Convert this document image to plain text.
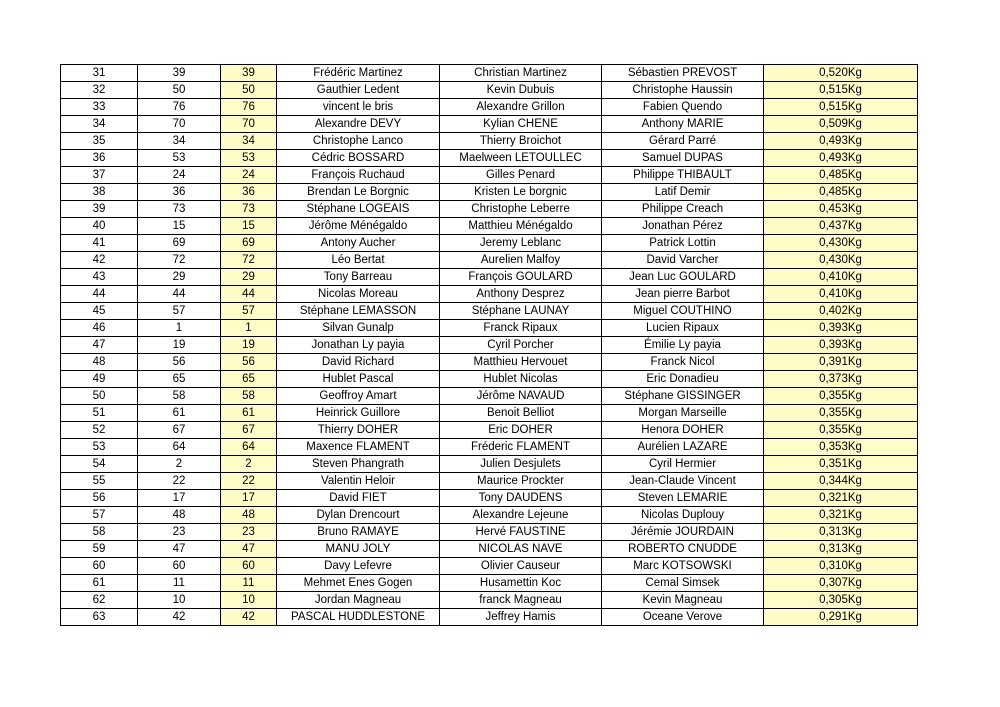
31	39	39	Frédéric Martinez	Christian Martinez	Sébastien PREVOST	0,520Kg
32	50	50	Gauthier Ledent	Kevin Dubuis	Christophe Haussin	0,515Kg
33	76	76	vincent le bris	Alexandre Grillon	Fabien Quendo	0,515Kg
34	70	70	Alexandre DEVY	Kylian CHENE	Anthony MARIE	0,509Kg
35	34	34	Christophe Lanco	Thierry Broichot	Gérard Parré	0,493Kg
36	53	53	Cédric BOSSARD	Maelween LETOULLEC	Samuel DUPAS	0,493Kg
37	24	24	François Ruchaud	Gilles Penard	Philippe THIBAULT	0,485Kg
38	36	36	Brendan Le Borgnic	Kristen Le borgnic	Latif Demir	0,485Kg
39	73	73	Stéphane LOGEAIS	Christophe Leberre	Philippe Creach	0,453Kg
40	15	15	Jérôme Ménégaldo	Matthieu Ménégaldo	Jonathan Pérez	0,437Kg
41	69	69	Antony Aucher	Jeremy Leblanc	Patrick Lottin	0,430Kg
42	72	72	Léo Bertat	Aurelien Malfoy	David Varcher	0,430Kg
43	29	29	Tony Barreau	François GOULARD	Jean Luc GOULARD	0,410Kg
44	44	44	Nicolas Moreau	Anthony Desprez	Jean pierre Barbot	0,410Kg
45	57	57	Stéphane LEMASSON	Stéphane LAUNAY	Miguel COUTHINO	0,402Kg
46	1	1	Silvan Gunalp	Franck Ripaux	Lucien Ripaux	0,393Kg
47	19	19	Jonathan Ly payia	Cyril Porcher	Émilie Ly payia	0,393Kg
48	56	56	David Richard	Matthieu Hervouet	Franck Nicol	0,391Kg
49	65	65	Hublet Pascal	Hublet Nicolas	Eric Donadieu	0,373Kg
50	58	58	Geoffroy Amart	Jérôme NAVAUD	Stéphane GISSINGER	0,355Kg
51	61	61	Heinrick Guillore	Benoit Belliot	Morgan Marseille	0,355Kg
52	67	67	Thierry DOHER	Eric DOHER	Henora DOHER	0,355Kg
53	64	64	Maxence FLAMENT	Fréderic FLAMENT	Aurélien LAZARE	0,353Kg
54	2	2	Steven Phangrath	Julien Desjulets	Cyril Hermier	0,351Kg
55	22	22	Valentin Heloir	Maurice Prockter	Jean-Claude Vincent	0,344Kg
56	17	17	David FIET	Tony DAUDENS	Steven LEMARIE	0,321Kg
57	48	48	Dylan Drencourt	Alexandre Lejeune	Nicolas Duplouy	0,321Kg
58	23	23	Bruno RAMAYE	Hervé FAUSTINE	Jérémie JOURDAIN	0,313Kg
59	47	47	MANU JOLY	NICOLAS NAVE	ROBERTO CNUDDE	0,313Kg
60	60	60	Davy Lefevre	Olivier Causeur	Marc KOTSOWSKI	0,310Kg
61	11	11	Mehmet Enes Gogen	Husamettin Koc	Cemal Simsek	0,307Kg
62	10	10	Jordan Magneau	franck Magneau	Kevin Magneau	0,305Kg
63	42	42	PASCAL HUDDLESTONE	Jeffrey Hamis	Oceane Verove	0,291Kg
